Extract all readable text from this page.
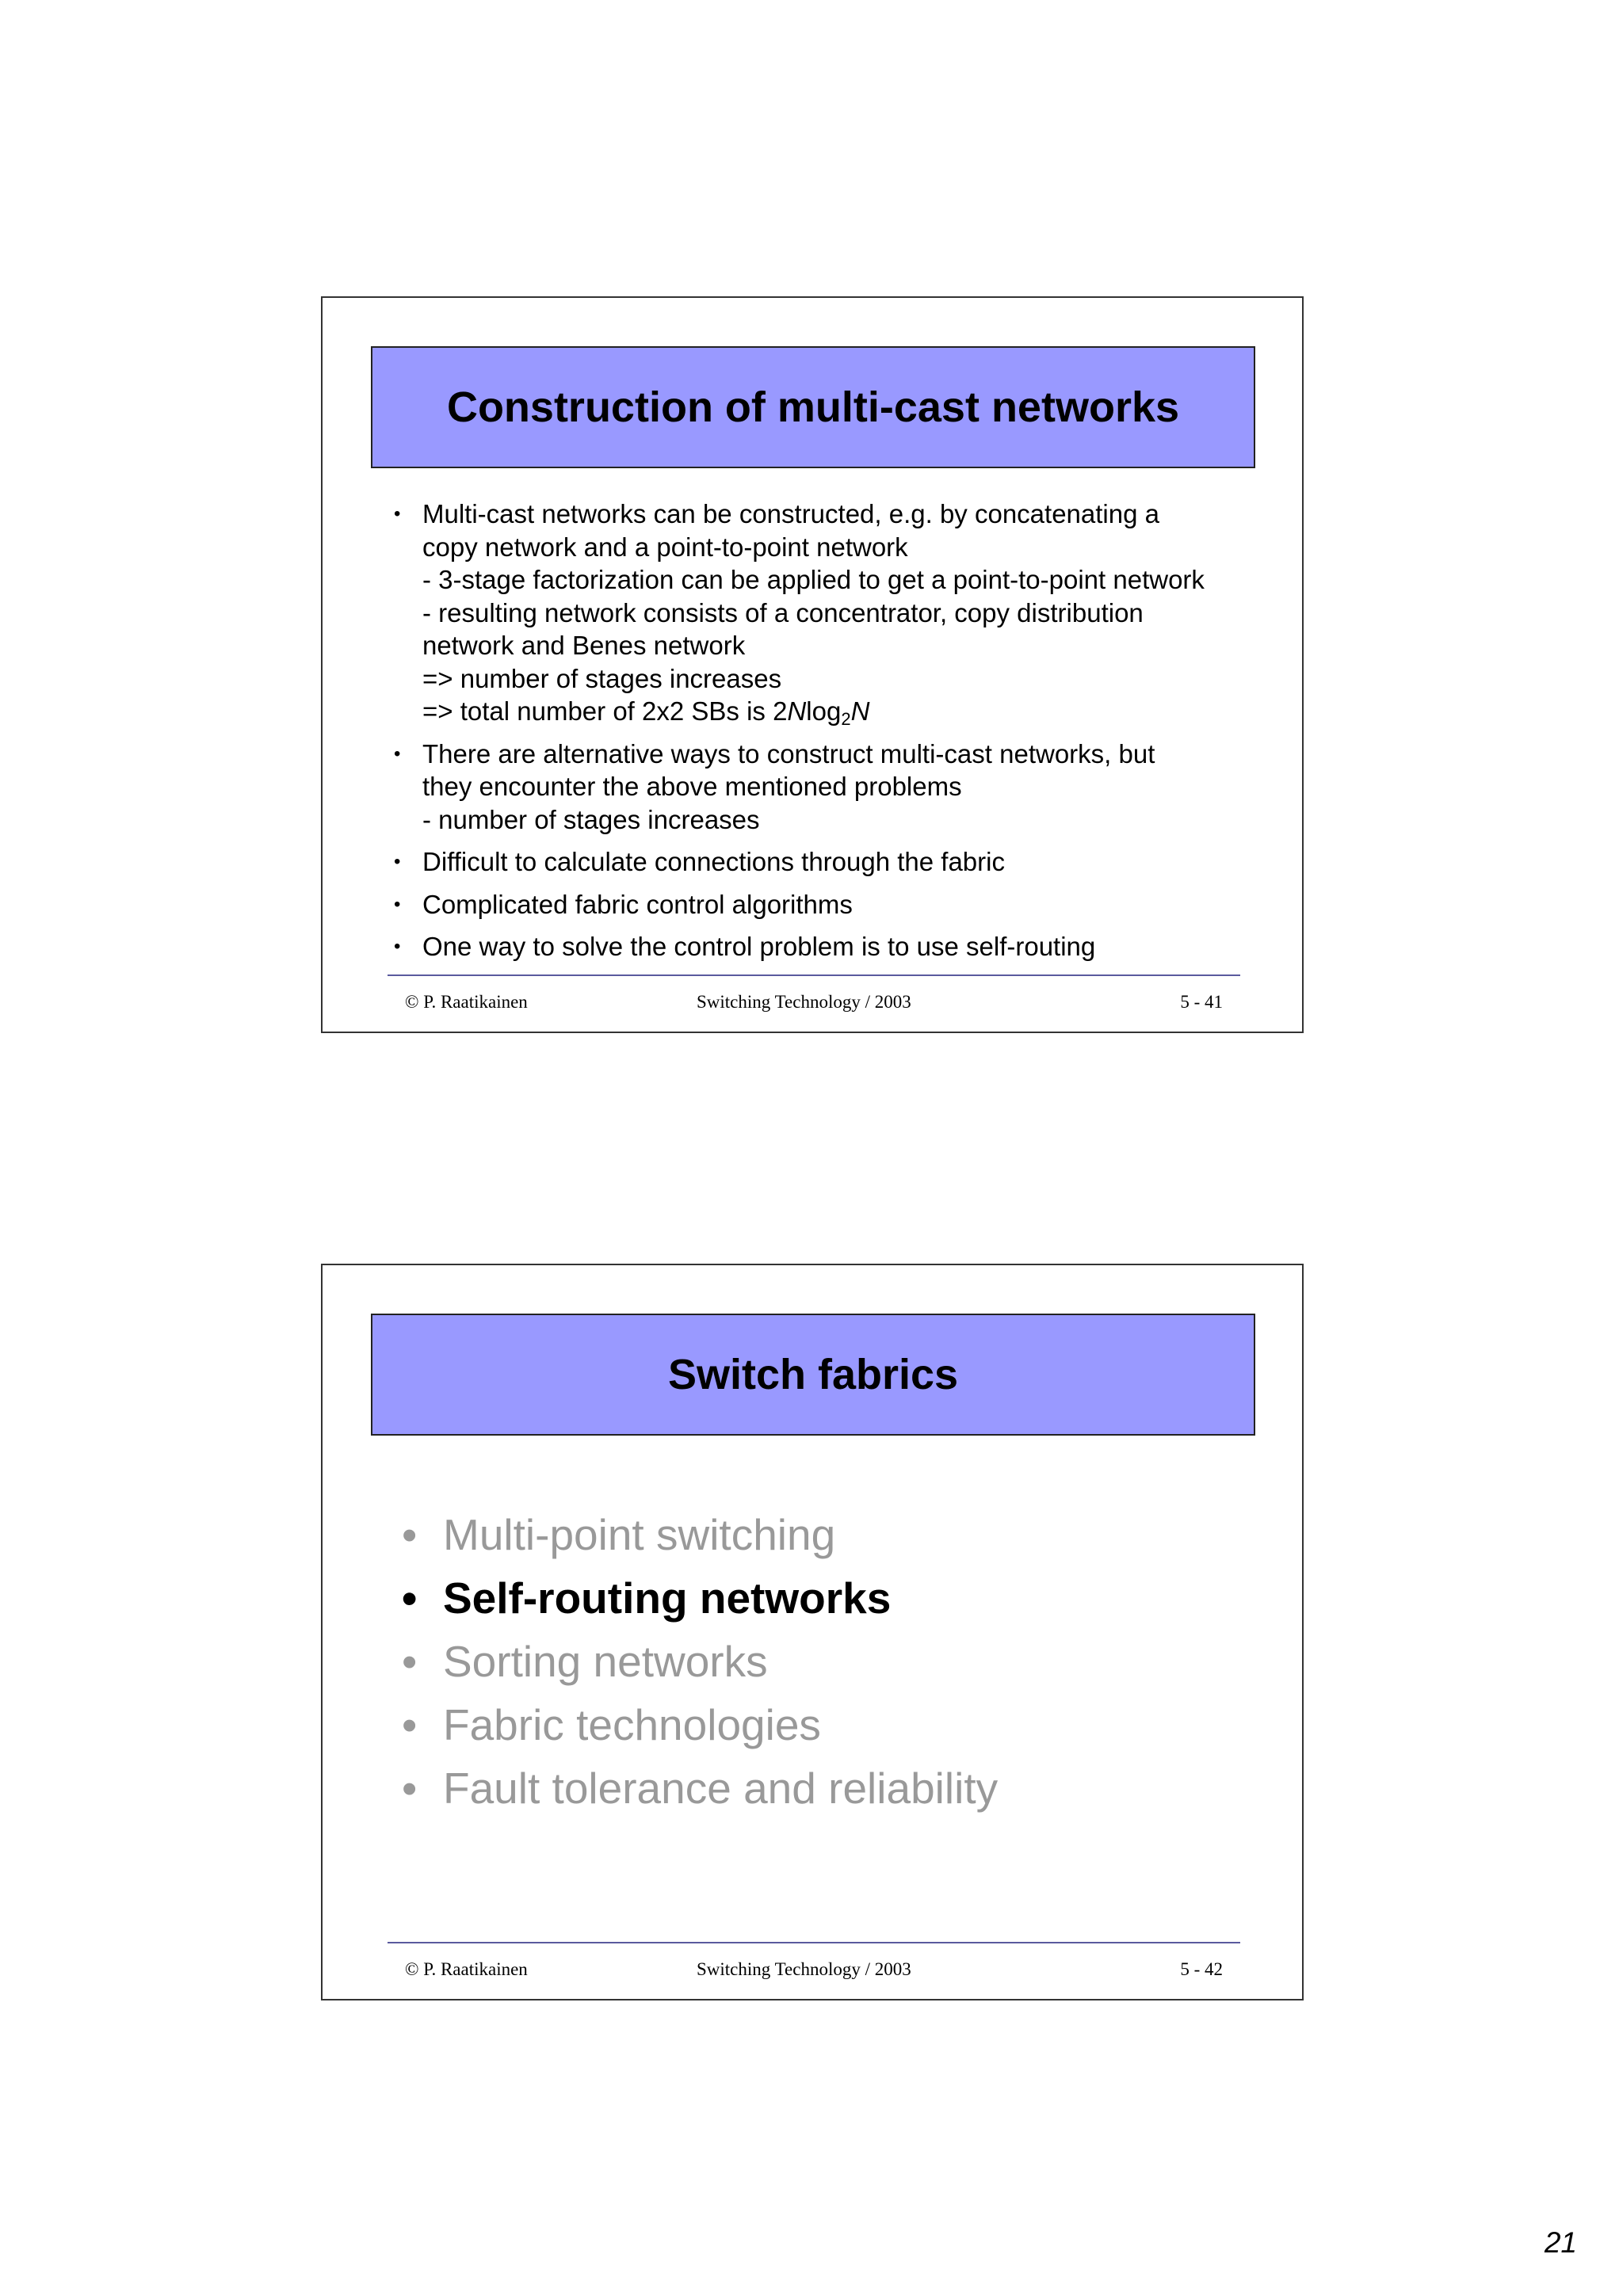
Construction of multi-cast networks
• Multi-cast networks can be constructed, e.g. by concatenating a
copy network and a point-to-point network
- 3-stage factorization can be applied to get a point-to-point network
- resulting network consists of a concentrator, copy distribution
network and Benes network
=> number of stages increases
=> total number of 2x2 SBs is 2Nlog$_2$N
• There are alternative ways to construct multi-cast networks, but
they encounter the above mentioned problems
- number of stages increases
• Difficult to calculate connections through the fabric
• Complicated fabric control algorithms
• One way to solve the control problem is to use self-routing
© P. Raatikainen	Switching Technology / 2003	5 - 41
Switch fabrics
• Multi-point switching
• Self-routing networks
• Sorting networks
• Fabric technologies
• Fault tolerance and reliability
© P. Raatikainen	Switching Technology / 2003	5 - 42
21
